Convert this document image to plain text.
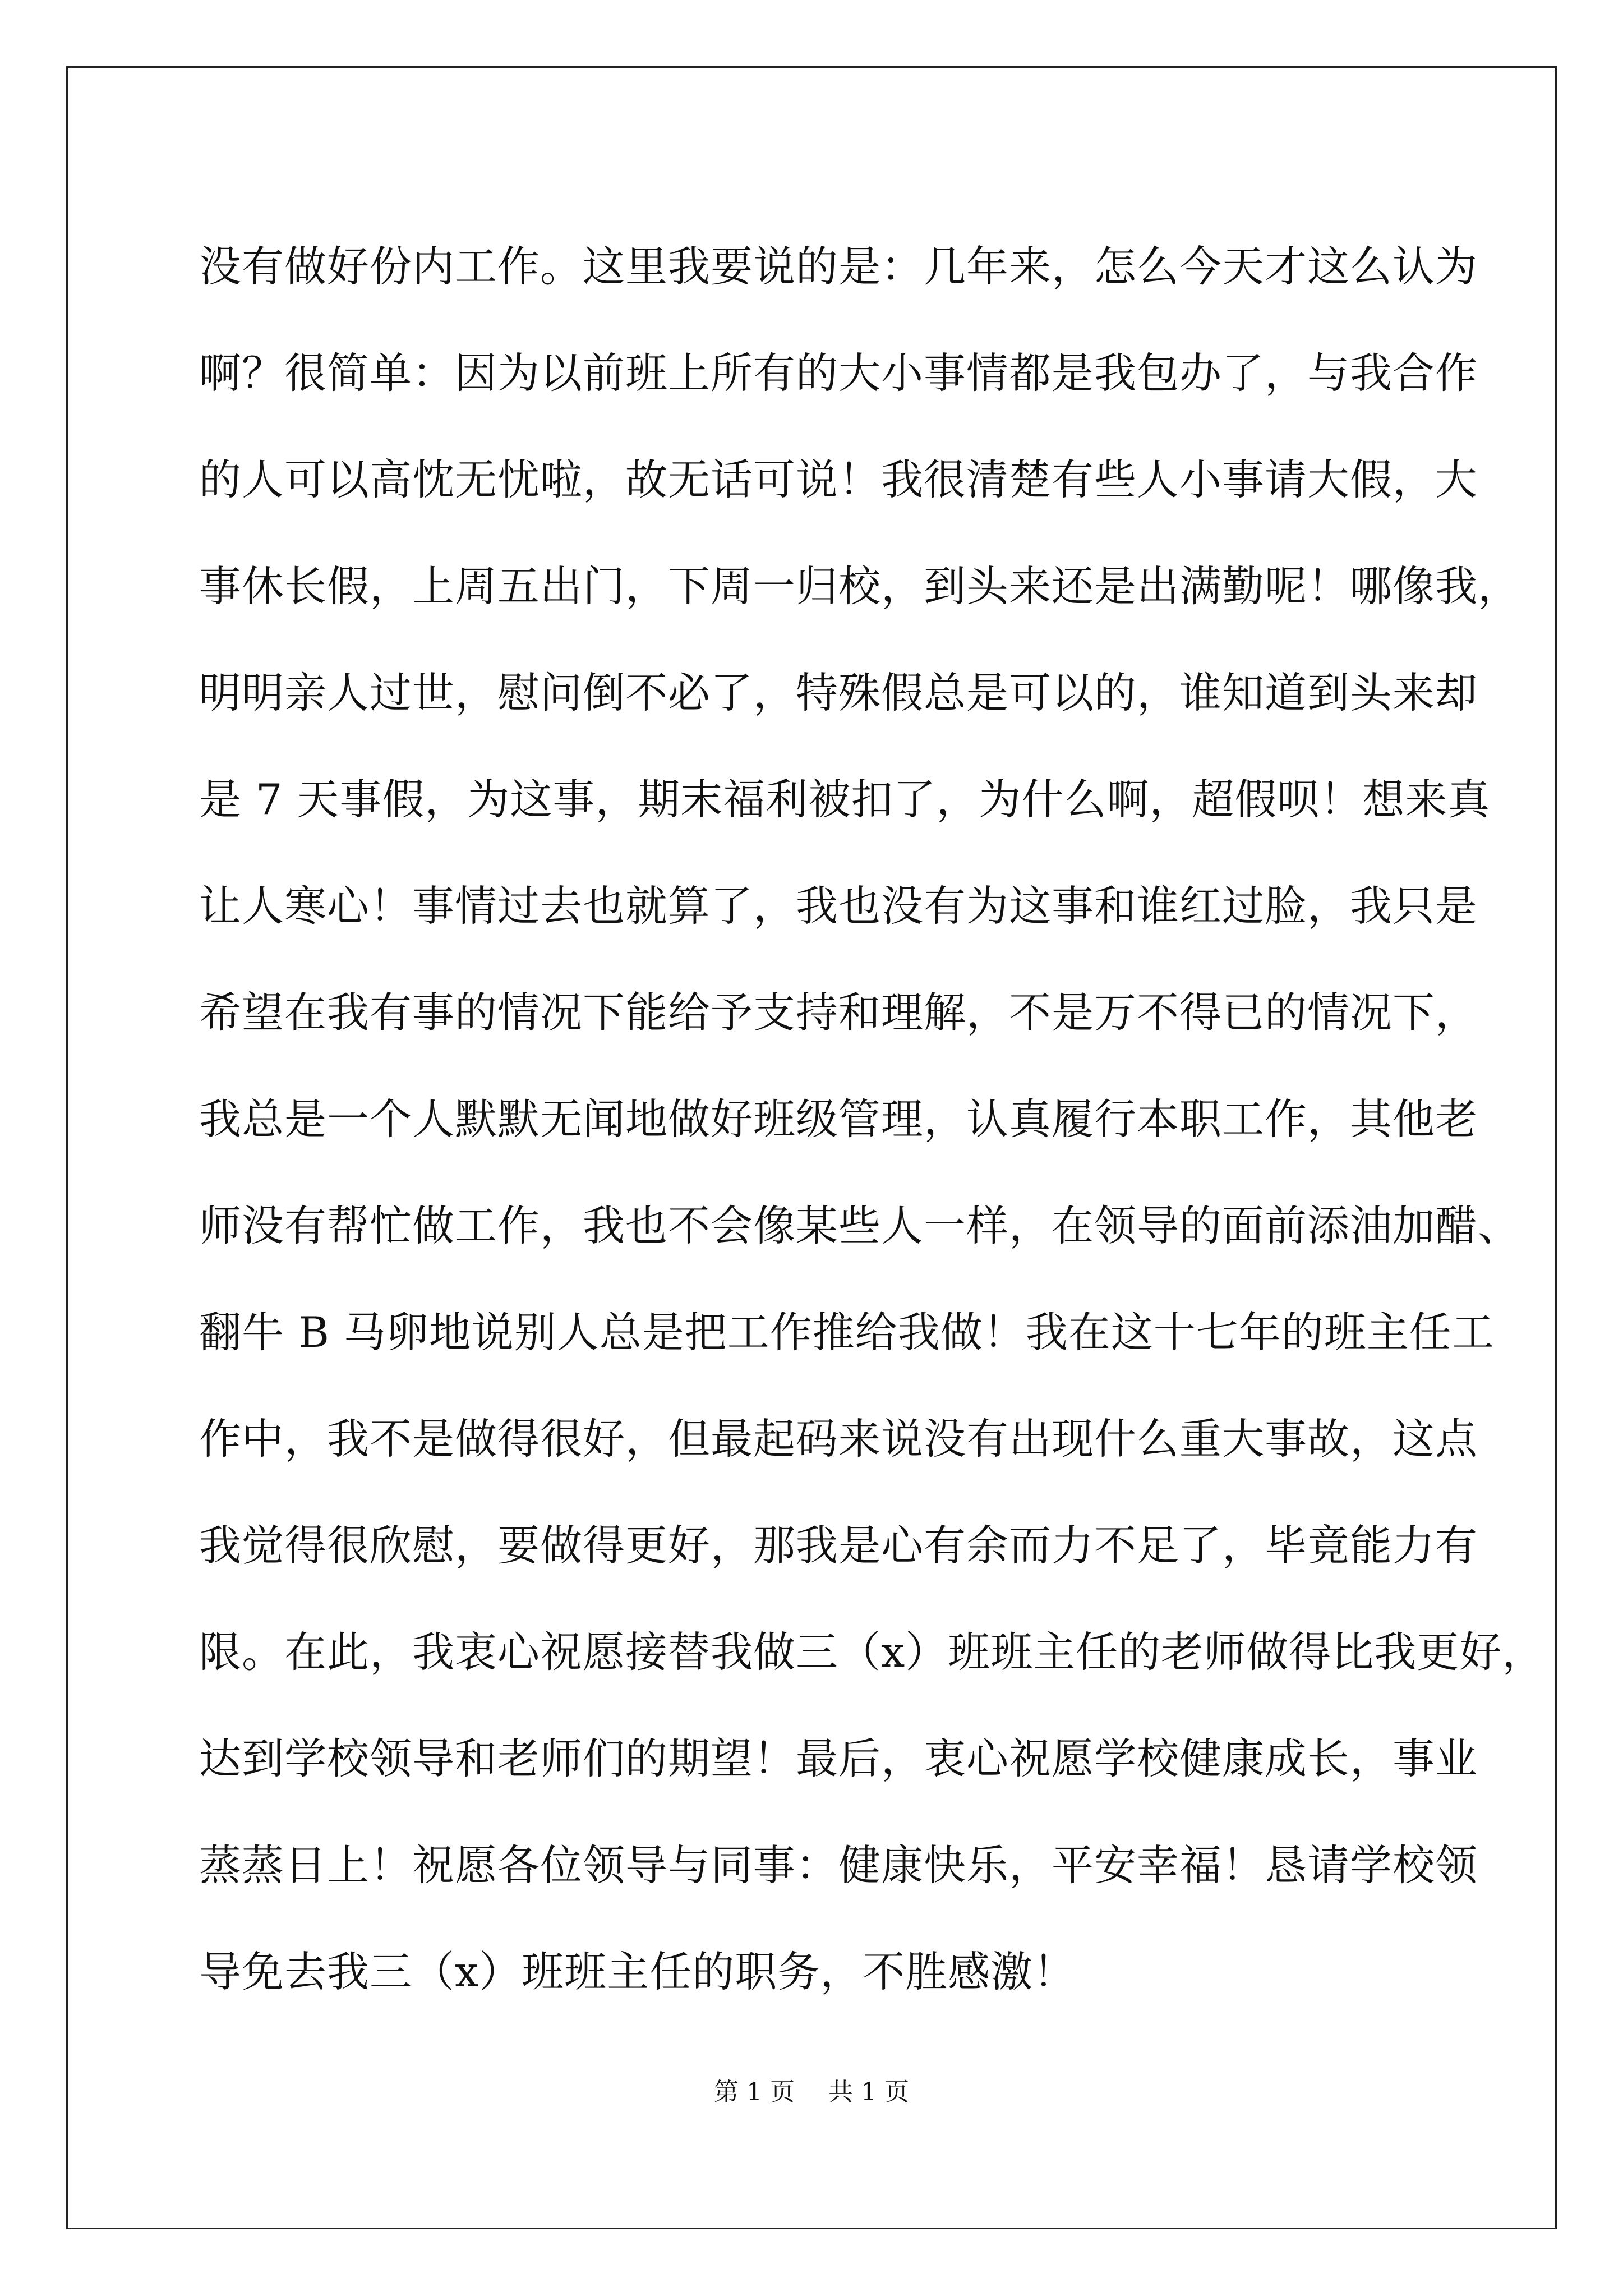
没有做好份内工作。这里我要说的是：几年来，怎么今天才这么认为
啊？很简单：因为以前班上所有的大小事情都是我包办了，与我合作
的人可以高忱无忧啦，故无话可说！我很清楚有些人小事请大假，大
事休长假，上周五出门，下周一归校，到头来还是出满勤呢！哪像我，
明明亲人过世，慰问倒不必了，特殊假总是可以的，谁知道到头来却
是 7 天事假，为这事，期末福利被扣了，为什么啊，超假呗！想来真
让人寒心！事情过去也就算了，我也没有为这事和谁红过脸，我只是
希望在我有事的情况下能给予支持和理解，不是万不得已的情况下，
我总是一个人默默无闻地做好班级管理，认真履行本职工作，其他老
师没有帮忙做工作，我也不会像某些人一样，在领导的面前添油加醋、
翻牛 B 马卵地说别人总是把工作推给我做！我在这十七年的班主任工
作中，我不是做得很好，但最起码来说没有出现什么重大事故，这点
我觉得很欣慰，要做得更好，那我是心有余而力不足了，毕竟能力有
限。在此，我衷心祝愿接替我做三（x）班班主任的老师做得比我更好，
达到学校领导和老师们的期望！最后，衷心祝愿学校健康成长，事业
蒸蒸日上！祝愿各位领导与同事：健康快乐，平安幸福！恳请学校领
导免去我三（x）班班主任的职务，不胜感激！
第 1 页 共 1 页
